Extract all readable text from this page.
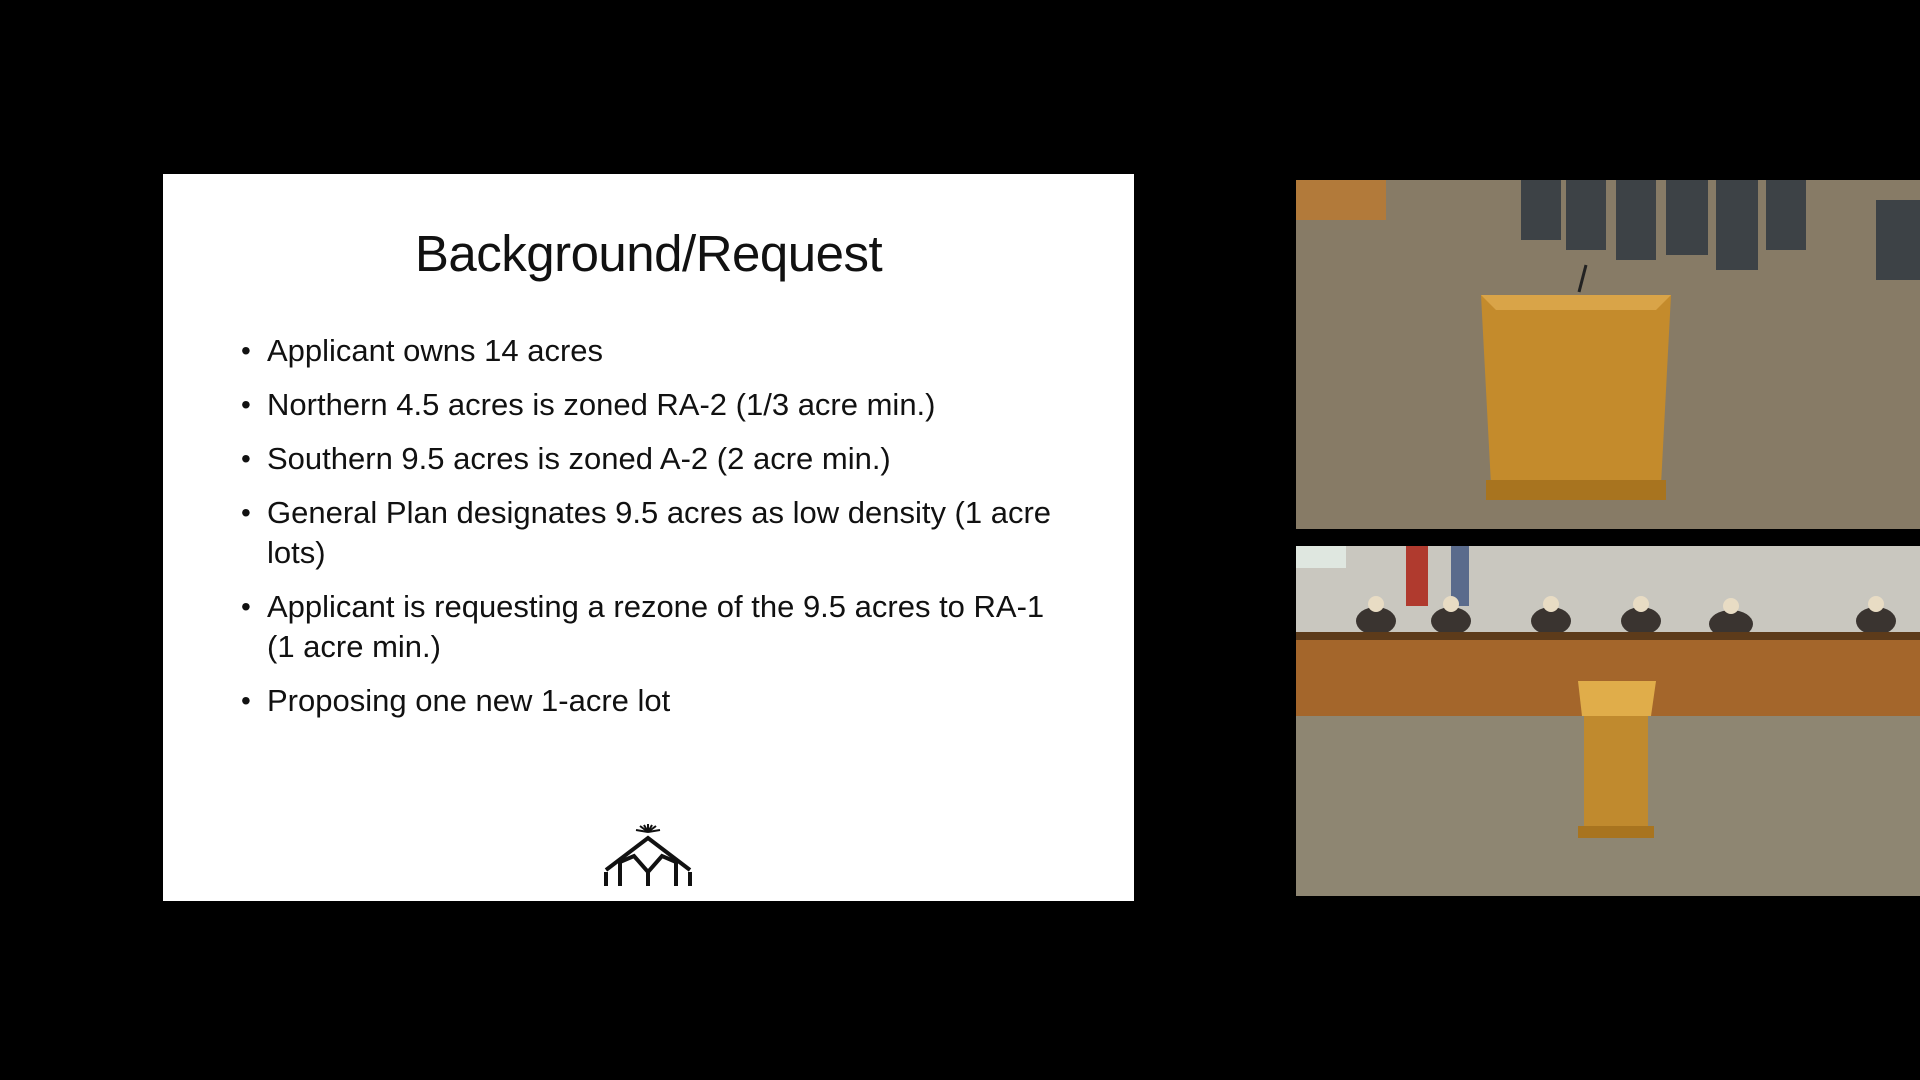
Background/Request
• Applicant owns 14 acres
• Northern 4.5 acres is zoned RA-2 (1/3 acre min.)
• Southern 9.5 acres is zoned A-2 (2 acre min.)
• General Plan designates 9.5 acres as low density (1 acre lots)
• Applicant is requesting a rezone of the 9.5 acres to RA-1 (1 acre min.)
• Proposing one new 1-acre lot
